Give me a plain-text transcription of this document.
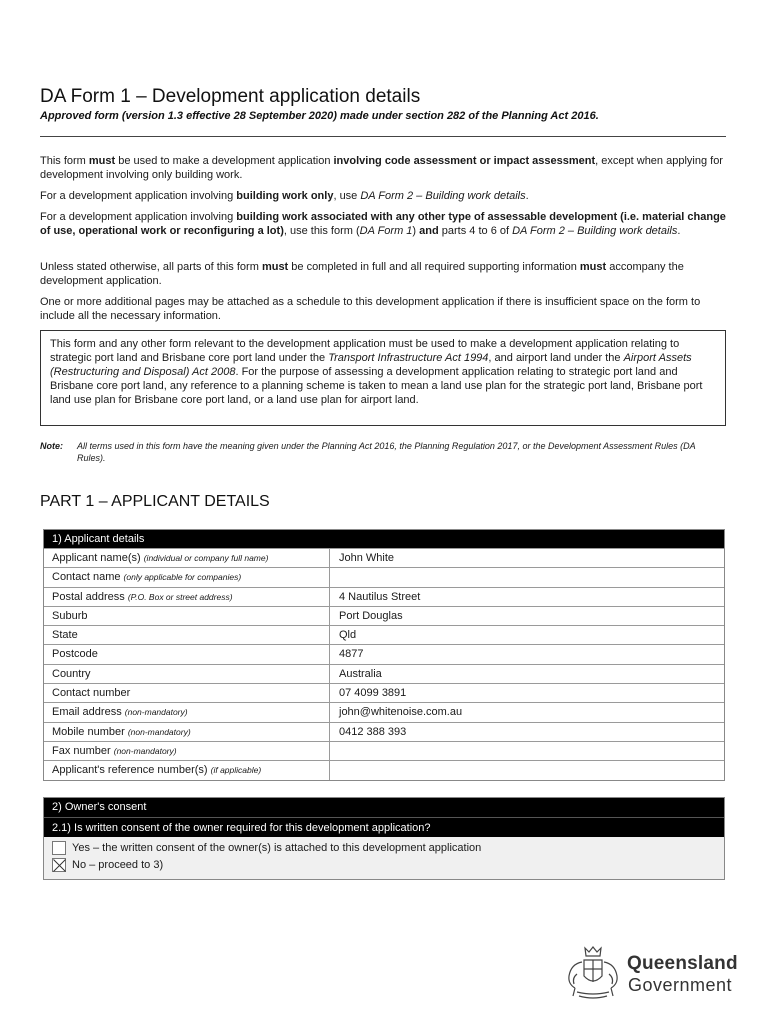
DA Form 1 – Development application details
Approved form (version 1.3 effective 28 September 2020) made under section 282 of the Planning Act 2016.
This form must be used to make a development application involving code assessment or impact assessment, except when applying for development involving only building work.
For a development application involving building work only, use DA Form 2 – Building work details.
For a development application involving building work associated with any other type of assessable development (i.e. material change of use, operational work or reconfiguring a lot), use this form (DA Form 1) and parts 4 to 6 of DA Form 2 – Building work details.
Unless stated otherwise, all parts of this form must be completed in full and all required supporting information must accompany the development application.
One or more additional pages may be attached as a schedule to this development application if there is insufficient space on the form to include all the necessary information.
This form and any other form relevant to the development application must be used to make a development application relating to strategic port land and Brisbane core port land under the Transport Infrastructure Act 1994, and airport land under the Airport Assets (Restructuring and Disposal) Act 2008. For the purpose of assessing a development application relating to strategic port land and Brisbane core port land, any reference to a planning scheme is taken to mean a land use plan for the strategic port land, Brisbane port land use plan for Brisbane core port land, or a land use plan for airport land.
Note: All terms used in this form have the meaning given under the Planning Act 2016, the Planning Regulation 2017, or the Development Assessment Rules (DA Rules).
PART 1 – APPLICANT DETAILS
1) Applicant details
Applicant name(s) (individual or company full name)	John White
Contact name (only applicable for companies)
Postal address (P.O. Box or street address)	4 Nautilus Street
Suburb	Port Douglas
State	Qld
Postcode	4877
Country	Australia
Contact number	07 4099 3891
Email address (non-mandatory)	john@whitenoise.com.au
Mobile number (non-mandatory)	0412 388 393
Fax number (non-mandatory)
Applicant's reference number(s) (if applicable)
2) Owner's consent
2.1) Is written consent of the owner required for this development application?
Yes – the written consent of the owner(s) is attached to this development application
No – proceed to 3)
Queensland
Government
